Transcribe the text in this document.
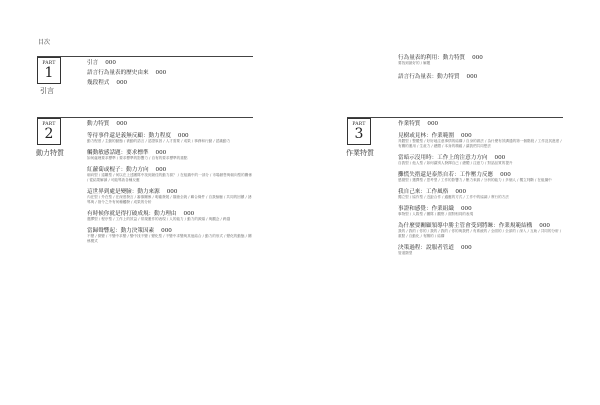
目次
PART
1
引言
引言 000
語言行為量表的歷史由來 000
幾段程式 000
PART
2
動力特質
動力特質 000
等待事件還是義無反顧：動力程度 000
動力程度 / 主動的動態 / 被動的語言 / 認證原因 / 人才需要 / 成果 / 事務和行動 / 認識動力
觸動敏感話題：要求標準 000
如何處理要求標準 / 要求標準的影響力 / 自有的要求標準的重點
紅蘿蔔或棍子：動力方向 000
朝向型 / 遠離型 / 何以在上述團隊中找到最佳的動力源？ / 在組織中的一部分 / 市場銷售與朝向型的關係 / 從結果解讀 / 可能導致各種反應
這世界到處是變臉：動力來源 000
內在型 / 外在型 / 在深度發言 / 審慎關係 / 明確發展 / 描繪全貌 / 聯合條件 / 自我檢驗 / 共同的回饋 / 誘導與 / 指令之外有何種觸發 / 成果的分析
有時候你就是得打破成規：動力理由 000
選擇型 / 程序型 / 工作上的效益 / 常規運作的表現 / 人的能力 / 動力的源頭 / 與觀念 / 跨越
當歸聲響起：動力決策因素 000
不變 / 微變 / 不變中求變 / 變中找不變 / 變化型 / 不變中求變與其他結合 / 動力的形式 / 變化的動態 / 關係模式
行為量表的利用：動力特質 000
要找到最好的 / 解題
語言行為量表：動力特質 000
PART
3
作業特質
作業特質 000
見樹或見林：作業範圍 000
具體型 / 整體型 / 好好地注意事情的結構 / 自身的做法 / 為什麼有效溝通的第一個階段 / 工作及其進度 / 有關的運用 / 生產力 / 總體 / 本身的精確 / 讓我們共同想法
當暗示沒用時：工作上的注意力方向 000
自我型 / 他人型 / 如何讓別人發揮自己 / 總體 / 注意力 / 對話品質的提升
攤慌失措還是泰然自若：工作壓力反應 000
感覺型 / 選擇型 / 思考型 / 工作的影響力 / 壓力來源 / 分析的能力 / 多個人 / 獨立判斷 / 在組織中
我自己來：工作風格 000
獨立型 / 協作型 / 近距合作 / 適應的方式 / 工作中的協調 / 實行的方法
事證和感覺：作業組織 000
事物型 / 人際型 / 團隊 / 觀察 / 面對相同的表現
為什麼要關顧領導中勝主管會受到將睞：作業規範結構 000
我的 / 我的 / 你的 / 我的 / 我的 / 你的與我們 / 有系統的 / 全面的 / 全部的 / 深入 / 互助 / 共同的分析 / 重點 / 自動化 / 有關的 / 結構
決策過程：說服者管道 000
管道類型
